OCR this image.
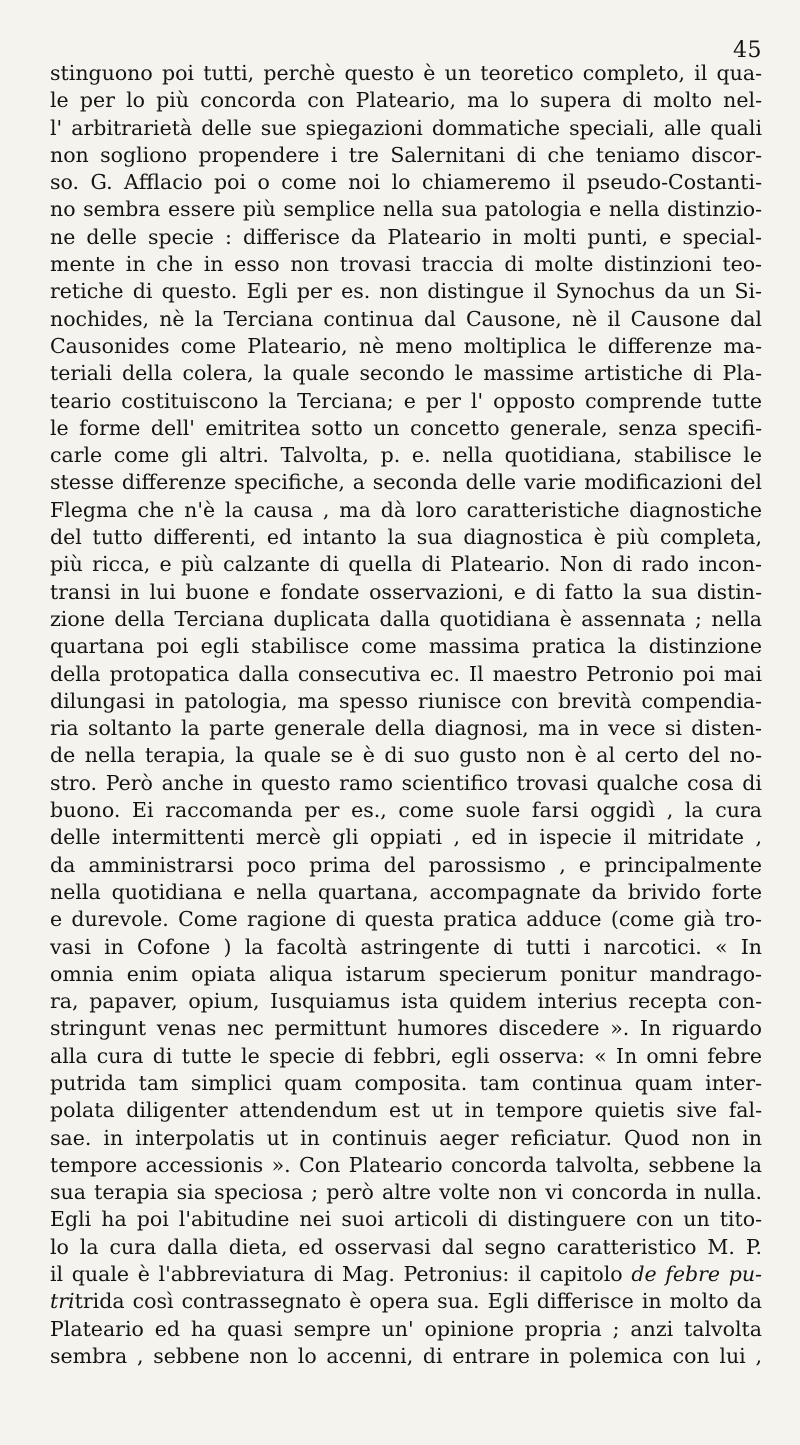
45
stinguono poi tutti, perchè questo è un teoretico completo, il qua-
le per lo più concorda con Plateario, ma lo supera di molto nel-
l' arbitrarietà delle sue spiegazioni dommatiche speciali, alle quali
non sogliono propendere i tre Salernitani di che teniamo discor-
so. G. Afflacio poi o come noi lo chiameremo il pseudo-Costanti-
no sembra essere più semplice nella sua patologia e nella distinzio-
ne delle specie : differisce da Plateario in molti punti, e special-
mente in che in esso non trovasi traccia di molte distinzioni teo-
retiche di questo. Egli per es. non distingue il Synochus da un Si-
nochides, nè la Terciana continua dal Causone, nè il Causone dal
Causonides come Plateario, nè meno moltiplica le differenze ma-
teriali della colera, la quale secondo le massime artistiche di Pla-
teario costituiscono la Terciana; e per l' opposto comprende tutte
le forme dell' emitritea sotto un concetto generale, senza specifi-
carle come gli altri. Talvolta, p. e. nella quotidiana, stabilisce le
stesse differenze specifiche, a seconda delle varie modificazioni del
Flegma che n'è la causa , ma dà loro caratteristiche diagnostiche
del tutto differenti, ed intanto la sua diagnostica è più completa,
più ricca, e più calzante di quella di Plateario. Non di rado incon-
transi in lui buone e fondate osservazioni, e di fatto la sua distin-
zione della Terciana duplicata dalla quotidiana è assennata ; nella
quartana poi egli stabilisce come massima pratica la distinzione
della protopatica dalla consecutiva ec. Il maestro Petronio poi mai
dilungasi in patologia, ma spesso riunisce con brevità compendia-
ria soltanto la parte generale della diagnosi, ma in vece si disten-
de nella terapia, la quale se è di suo gusto non è al certo del no-
stro. Però anche in questo ramo scientifico trovasi qualche cosa di
buono. Ei raccomanda per es., come suole farsi oggidì , la cura
delle intermittenti mercè gli oppiati , ed in ispecie il mitridate ,
da amministrarsi poco prima del parossismo , e principalmente
nella quotidiana e nella quartana, accompagnate da brivido forte
e durevole. Come ragione di questa pratica adduce (come già tro-
vasi in Cofone ) la facoltà astringente di tutti i narcotici. « In
omnia enim opiata aliqua istarum specierum ponitur mandrago-
ra, papaver, opium, Iusquiamus ista quidem interius recepta con-
stringunt venas nec permittunt humores discedere ». In riguardo
alla cura di tutte le specie di febbri, egli osserva: « In omni febre
putrida tam simplici quam composita. tam continua quam inter-
polata diligenter attendendum est ut in tempore quietis sive fal-
sae. in interpolatis ut in continuis aeger reficiatur. Quod non in
tempore accessionis ». Con Plateario concorda talvolta, sebbene la
sua terapia sia speciosa ; però altre volte non vi concorda in nulla.
Egli ha poi l'abitudine nei suoi articoli di distinguere con un tito-
lo la cura dalla dieta, ed osservasi dal segno caratteristico M. P.
il quale è l'abbreviatura di Mag. Petronius: il capitolo de febre pu-
tritrida così contrassegnato è opera sua. Egli differisce in molto da
Plateario ed ha quasi sempre un' opinione propria ; anzi talvolta
sembra , sebbene non lo accenni, di entrare in polemica con lui ,
